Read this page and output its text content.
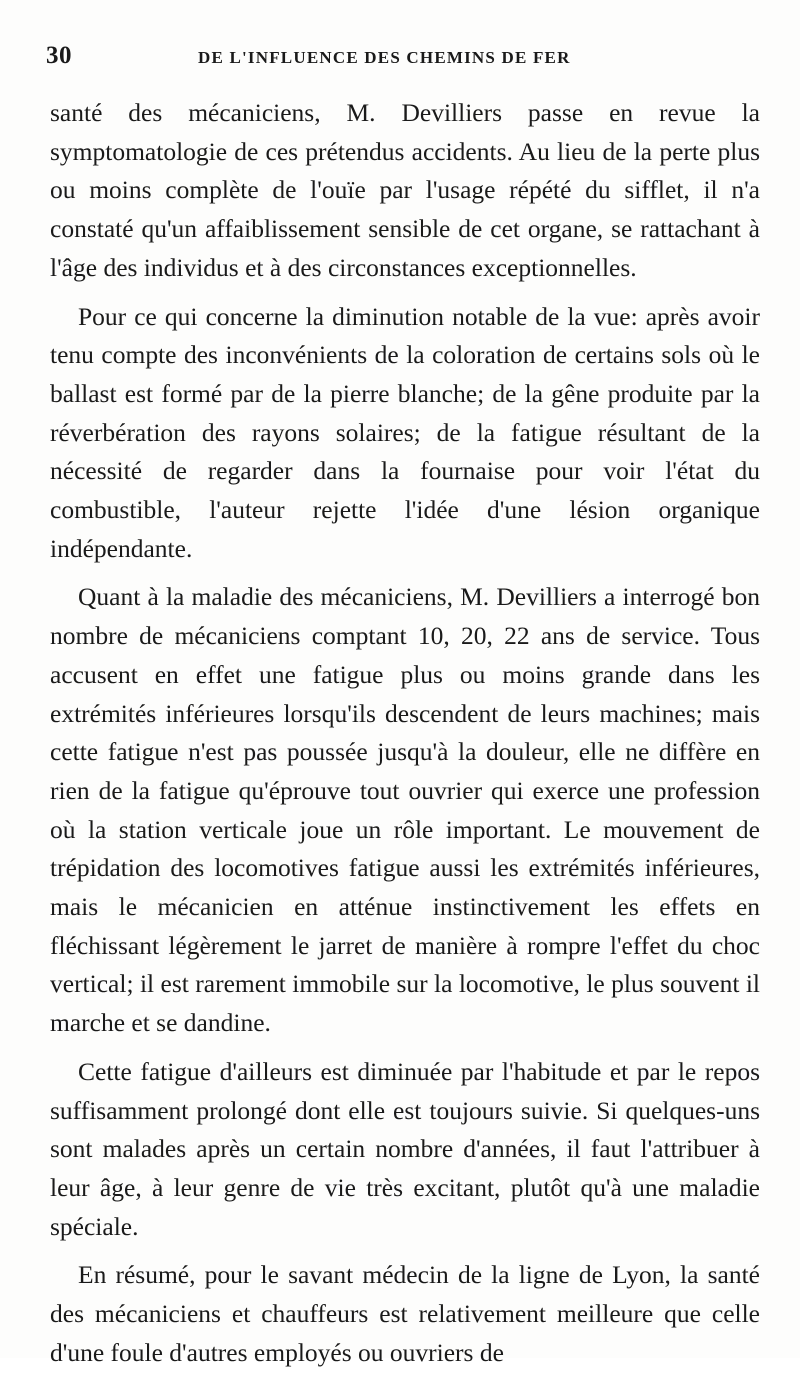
30	DE L'INFLUENCE DES CHEMINS DE FER

santé des mécaniciens, M. Devilliers passe en revue la symptomatologie de ces prétendus accidents. Au lieu de la perte plus ou moins complète de l'ouïe par l'usage répété du sifflet, il n'a constaté qu'un affaiblissement sensible de cet organe, se rattachant à l'âge des individus et à des circonstances exceptionnelles.

Pour ce qui concerne la diminution notable de la vue: après avoir tenu compte des inconvénients de la coloration de certains sols où le ballast est formé par de la pierre blanche; de la gêne produite par la réverbération des rayons solaires; de la fatigue résultant de la nécessité de regarder dans la fournaise pour voir l'état du combustible, l'auteur rejette l'idée d'une lésion organique indépendante.

Quant à la maladie des mécaniciens, M. Devilliers a interrogé bon nombre de mécaniciens comptant 10, 20, 22 ans de service. Tous accusent en effet une fatigue plus ou moins grande dans les extrémités inférieures lorsqu'ils descendent de leurs machines; mais cette fatigue n'est pas poussée jusqu'à la douleur, elle ne diffère en rien de la fatigue qu'éprouve tout ouvrier qui exerce une profession où la station verticale joue un rôle important. Le mouvement de trépidation des locomotives fatigue aussi les extrémités inférieures, mais le mécanicien en atténue instinctivement les effets en fléchissant légèrement le jarret de manière à rompre l'effet du choc vertical; il est rarement immobile sur la locomotive, le plus souvent il marche et se dandine.

Cette fatigue d'ailleurs est diminuée par l'habitude et par le repos suffisamment prolongé dont elle est toujours suivie. Si quelques-uns sont malades après un certain nombre d'années, il faut l'attribuer à leur âge, à leur genre de vie très excitant, plutôt qu'à une maladie spéciale.

En résumé, pour le savant médecin de la ligne de Lyon, la santé des mécaniciens et chauffeurs est relativement meilleure que celle d'une foule d'autres employés ou ouvriers de
